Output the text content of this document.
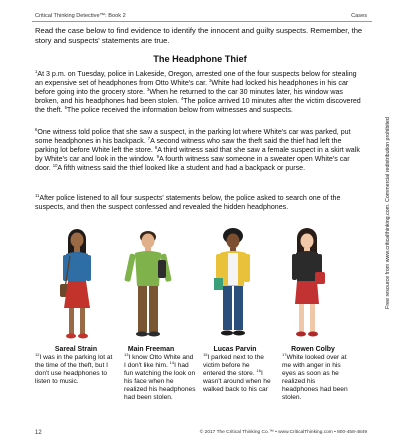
Critical Thinking Detective™: Book 2	Cases
Read the case below to find evidence to identify the innocent and guilty suspects. Remember, the story and suspects' statements are true.
The Headphone Thief

$^1$At 3 p.m. on Tuesday, police in Lakeside, Oregon, arrested one of the four suspects below for stealing an expensive set of headphones from Otto White's car. $^2$White had locked his headphones in his car before going into the grocery store. $^3$When he returned to the car 30 minutes later, his window was broken, and his headphones had been stolen. $^4$The police arrived 10 minutes after the victim discovered the theft. $^5$The police received the information below from witnesses and suspects.

$^6$One witness told police that she saw a suspect, in the parking lot where White's car was parked, put some headphones in his backpack. $^7$A second witness who saw the theft said the thief had left the parking lot before White left the store. $^8$A third witness said that she saw a female suspect in a skirt walk by White's car and look in the window. $^9$A fourth witness saw someone in a sweater open White's car door. $^{10}$A fifth witness said the thief looked like a student and had a backpack or purse.

$^{11}$After police listened to all four suspects' statements below, the police asked to search one of the suspects, and then the suspect confessed and revealed the hidden headphones.	Free resource from www.criticalthinking.com. Commercial redistribution prohibited
Sareal Strain	Main Freeman	Lucas Parvin	Rowen Colby
$^{12}$I was in the parking lot at the time of the theft, but I don't use headphones to listen to music.
$^{13}$I know Otto White and I don't like him. $^{14}$I had fun watching the look on his face when he realized his headphones had been stolen.
$^{15}$I parked next to the victim before he entered the store. $^{16}$I wasn't around when he walked back to his car
$^{17}$White looked over at me with anger in his eyes as soon as he realized his headphones had been stolen.
12	© 2017 The Critical Thinking Co.™ • www.CriticalThinking.com • 800-458-4849
